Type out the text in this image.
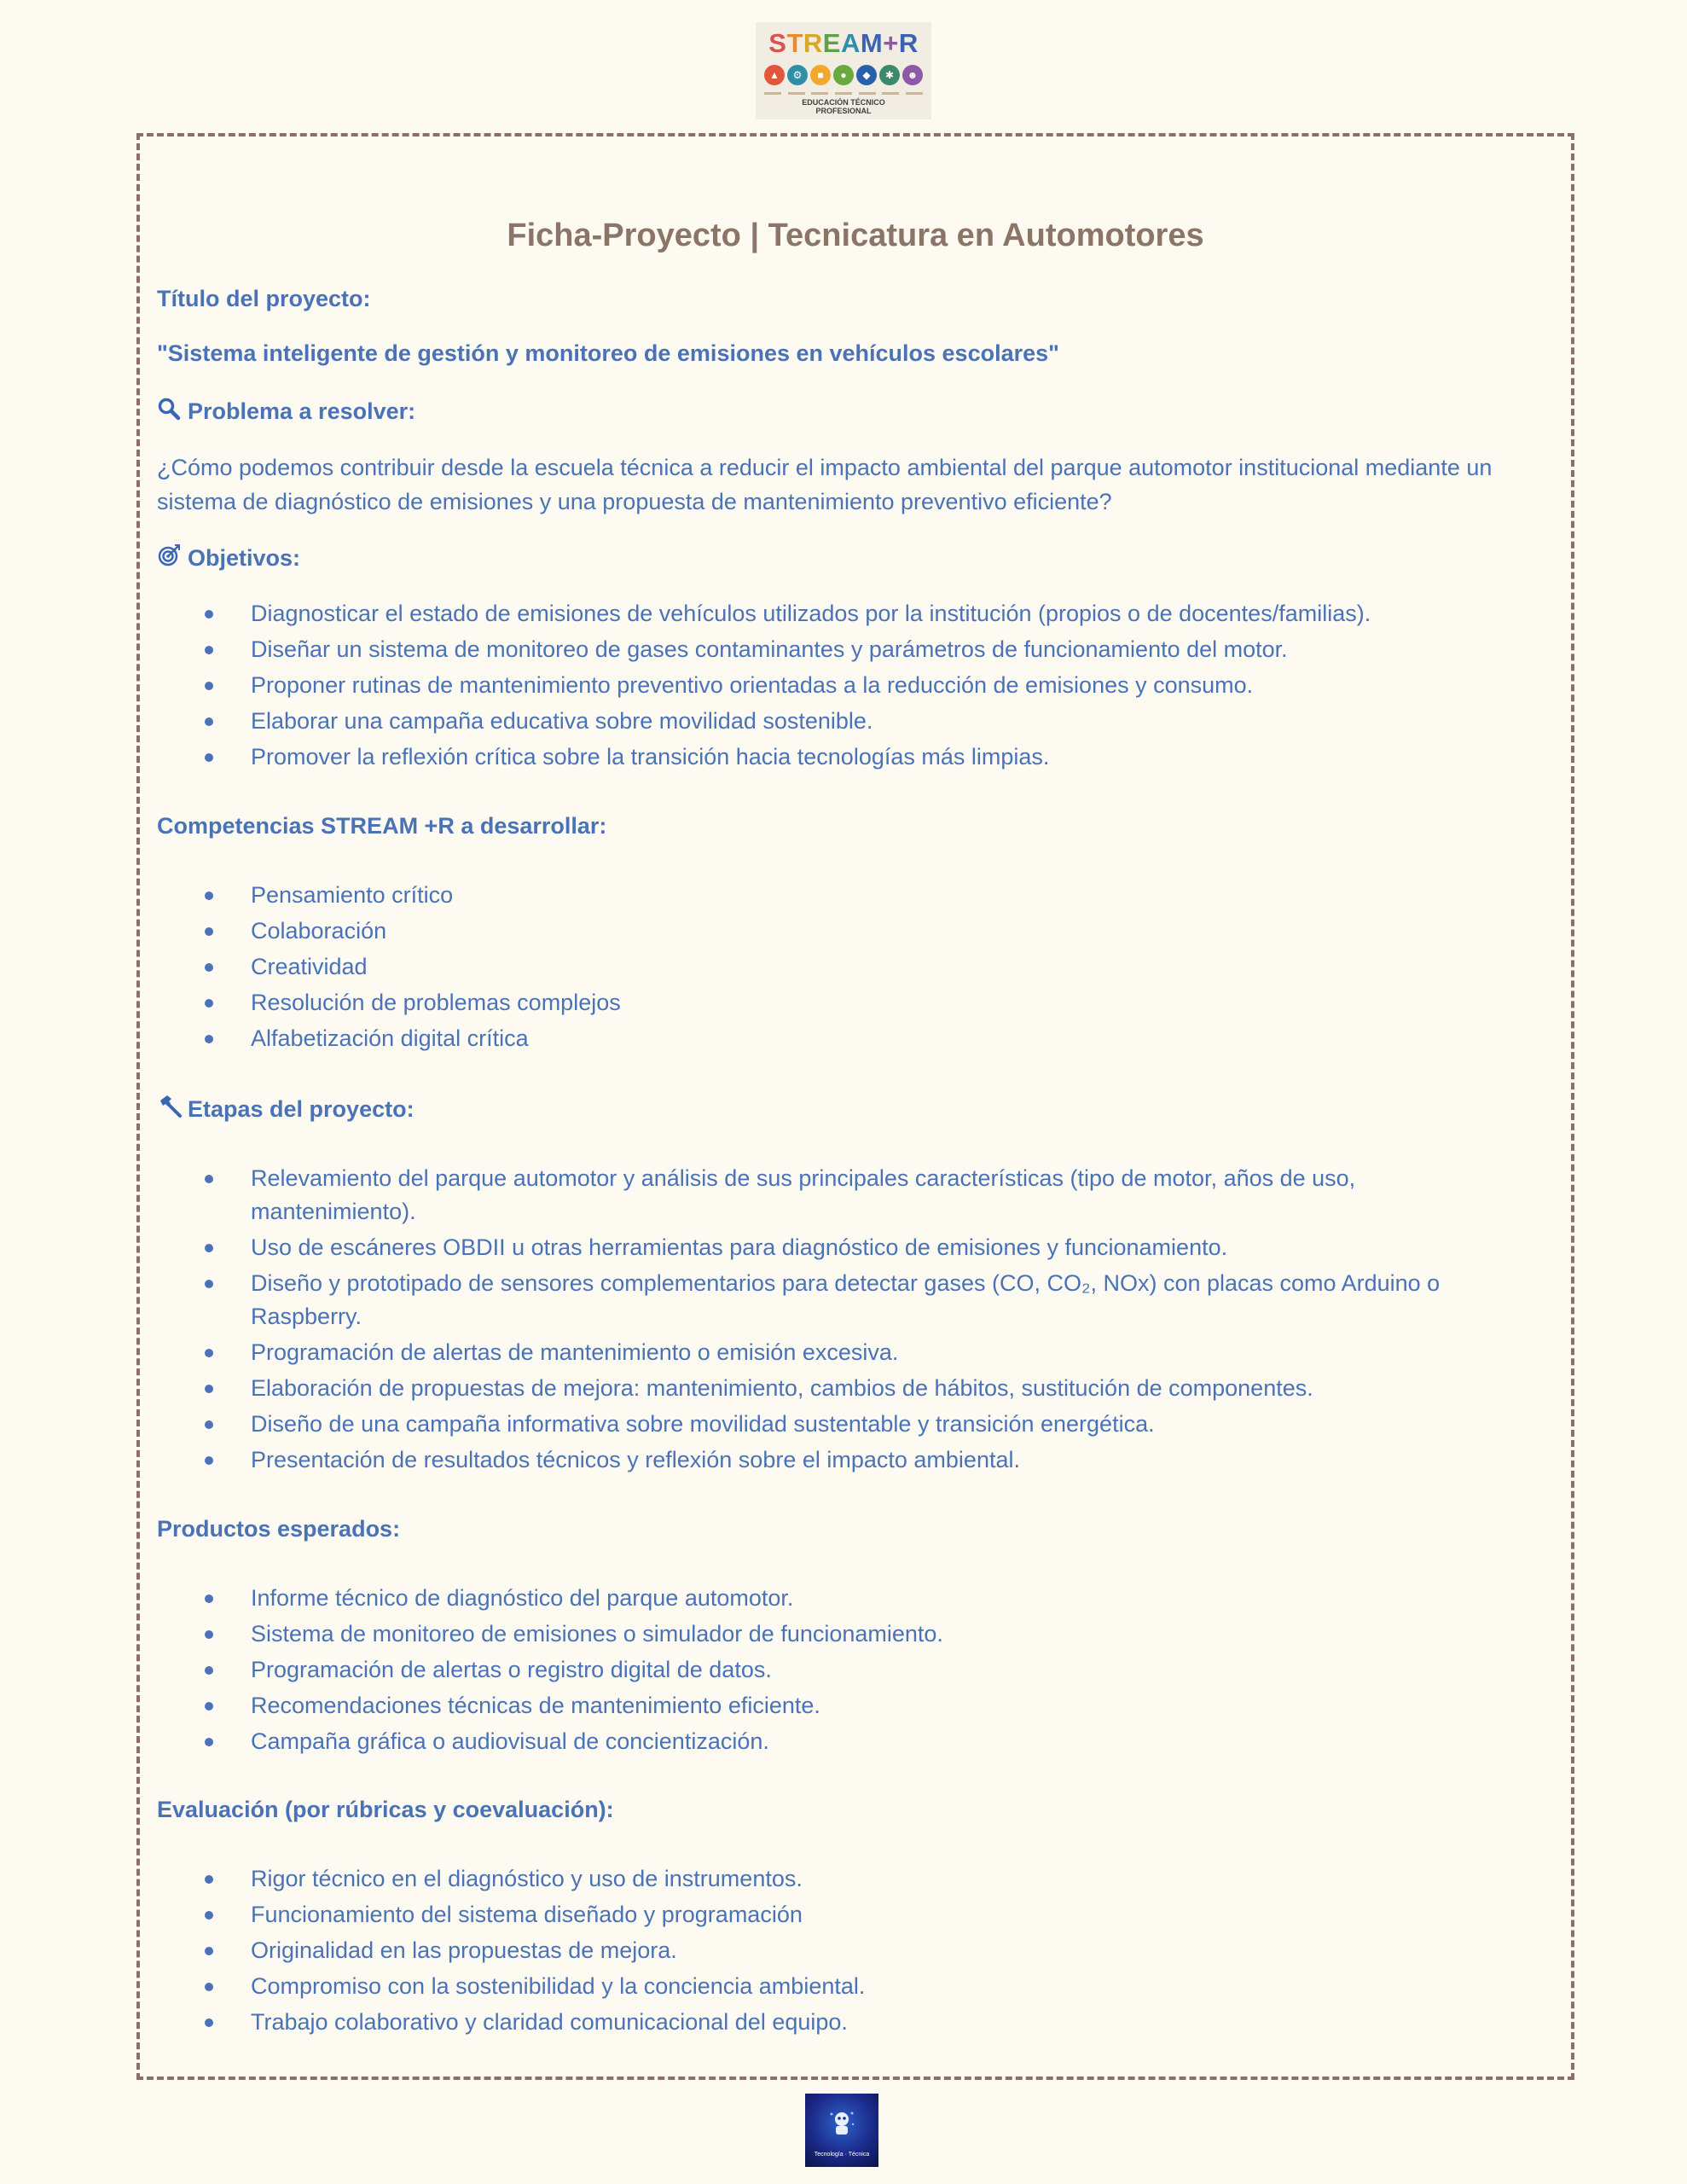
STREAM+R
▲	⚙	■	●	◆	✱	☻
EDUCACIÓN TÉCNICO
PROFESIONAL
Ficha-Proyecto | Tecnicatura en Automotores
Título del proyecto:
"Sistema inteligente de gestión y monitoreo de emisiones en vehículos escolares"
Problema a resolver:
¿Cómo podemos contribuir desde la escuela técnica a reducir el impacto ambiental del parque automotor institucional mediante un sistema de diagnóstico de emisiones y una propuesta de mantenimiento preventivo eficiente?
Objetivos:
Diagnosticar el estado de emisiones de vehículos utilizados por la institución (propios o de docentes/familias).
Diseñar un sistema de monitoreo de gases contaminantes y parámetros de funcionamiento del motor.
Proponer rutinas de mantenimiento preventivo orientadas a la reducción de emisiones y consumo.
Elaborar una campaña educativa sobre movilidad sostenible.
Promover la reflexión crítica sobre la transición hacia tecnologías más limpias.
Competencias STREAM +R a desarrollar:
Pensamiento crítico
Colaboración
Creatividad
Resolución de problemas complejos
Alfabetización digital crítica
Etapas del proyecto:
Relevamiento del parque automotor y análisis de sus principales características (tipo de motor, años de uso, mantenimiento).
Uso de escáneres OBDII u otras herramientas para diagnóstico de emisiones y funcionamiento.
Diseño y prototipado de sensores complementarios para detectar gases (CO, CO₂, NOx) con placas como Arduino o Raspberry.
Programación de alertas de mantenimiento o emisión excesiva.
Elaboración de propuestas de mejora: mantenimiento, cambios de hábitos, sustitución de componentes.
Diseño de una campaña informativa sobre movilidad sustentable y transición energética.
Presentación de resultados técnicos y reflexión sobre el impacto ambiental.
Productos esperados:
Informe técnico de diagnóstico del parque automotor.
Sistema de monitoreo de emisiones o simulador de funcionamiento.
Programación de alertas o registro digital de datos.
Recomendaciones técnicas de mantenimiento eficiente.
Campaña gráfica o audiovisual de concientización.
Evaluación (por rúbricas y coevaluación):
Rigor técnico en el diagnóstico y uso de instrumentos.
Funcionamiento del sistema diseñado y programación
Originalidad en las propuestas de mejora.
Compromiso con la sostenibilidad y la conciencia ambiental.
Trabajo colaborativo y claridad comunicacional del equipo.
Tecnología · Técnica
